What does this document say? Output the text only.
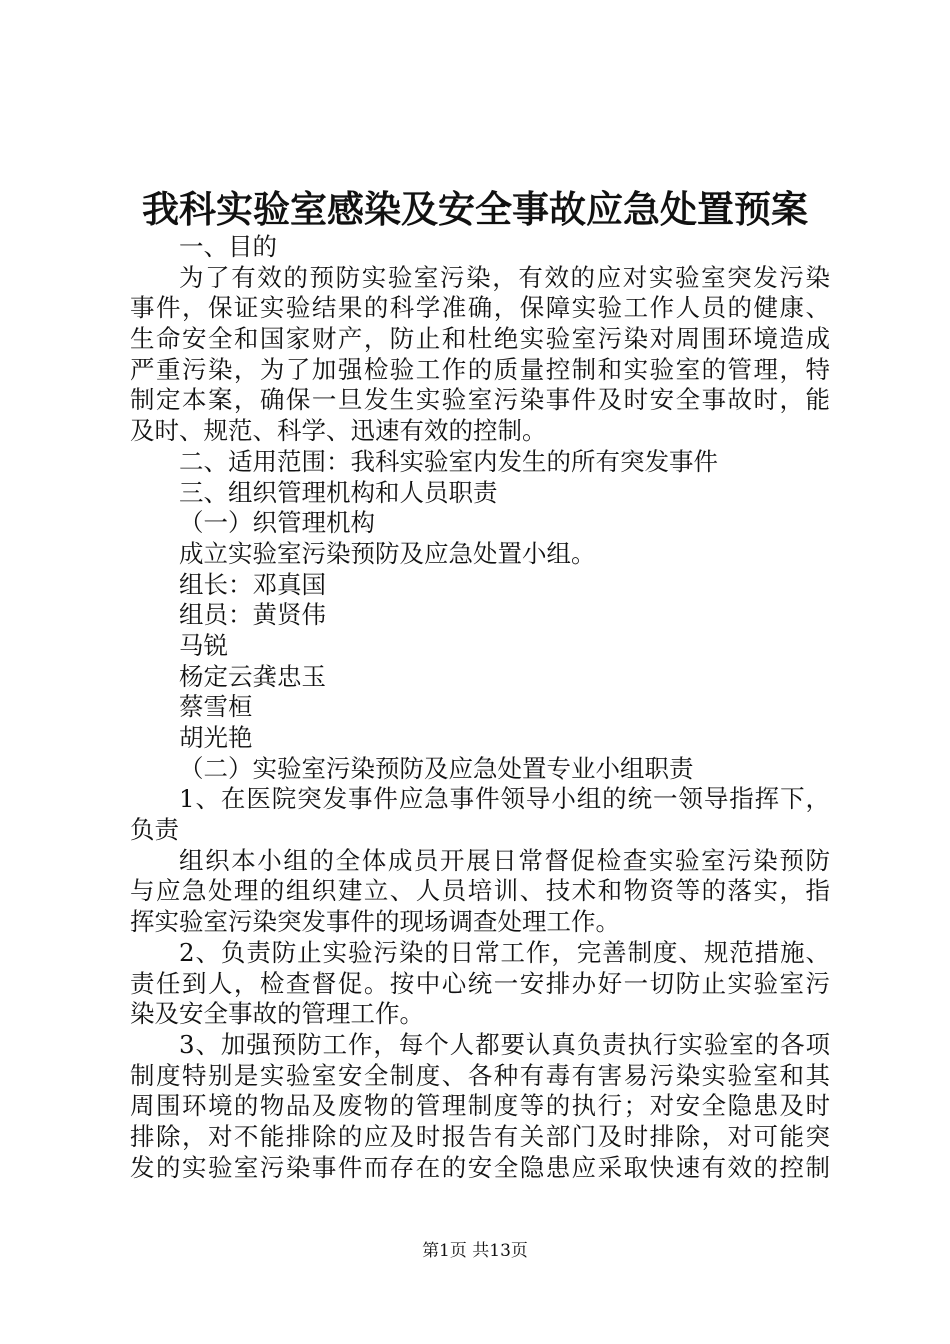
我科实验室感染及安全事故应急处置预案
一、目的
为了有效的预防实验室污染，有效的应对实验室突发污染
事件，保证实验结果的科学准确，保障实验工作人员的健康、
生命安全和国家财产，防止和杜绝实验室污染对周围环境造成
严重污染，为了加强检验工作的质量控制和实验室的管理，特
制定本案，确保一旦发生实验室污染事件及时安全事故时，能
及时、规范、科学、迅速有效的控制。
二、适用范围：我科实验室内发生的所有突发事件
三、组织管理机构和人员职责
（一）织管理机构
成立实验室污染预防及应急处置小组。
组长：邓真国
组员：黄贤伟
马锐
杨定云龚忠玉
蔡雪桓
胡光艳
（二）实验室污染预防及应急处置专业小组职责
1、在医院突发事件应急事件领导小组的统一领导指挥下，
负责
组织本小组的全体成员开展日常督促检查实验室污染预防
与应急处理的组织建立、人员培训、技术和物资等的落实，指
挥实验室污染突发事件的现场调查处理工作。
2、负责防止实验污染的日常工作，完善制度、规范措施、
责任到人，检查督促。按中心统一安排办好一切防止实验室污
染及安全事故的管理工作。
3、加强预防工作，每个人都要认真负责执行实验室的各项
制度特别是实验室安全制度、各种有毒有害易污染实验室和其
周围环境的物品及废物的管理制度等的执行；对安全隐患及时
排除，对不能排除的应及时报告有关部门及时排除，对可能突
发的实验室污染事件而存在的安全隐患应采取快速有效的控制
第1页 共13页
